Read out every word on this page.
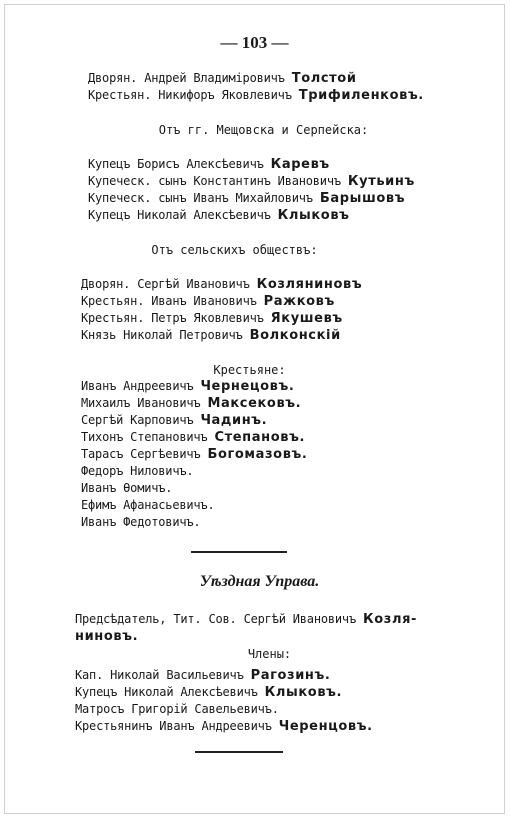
— 103 —
Дворян. Андрей Владиміровичъ Толстой
Крестьян. Никифоръ Яковлевичъ Трифиленковъ.
Отъ гг. Мещовска и Серпейска:
Купецъ Борисъ Алексѣевичъ Каревъ
Купеческ. сынъ Константинъ Ивановичъ Кутьинъ
Купеческ. сынъ Иванъ Михайловичъ Барышовъ
Купецъ Николай Алексѣевичъ Клыковъ
Отъ сельскихъ обществъ:
Дворян. Сергѣй Ивановичъ Козляниновъ
Крестьян. Иванъ Ивановичъ Ражковъ
Крестьян. Петръ Яковлевичъ Якушевъ
Князь Николай Петровичъ Волконскій
Крестьяне:
Иванъ Андреевичъ Чернецовъ.
Михаилъ Ивановичъ Максековъ.
Сергѣй Карповичъ Чадинъ.
Тихонъ Степановичъ Степановъ.
Тарасъ Сергѣевичъ Богомазовъ.
Федоръ Ниловичъ.
Иванъ Ѳомичъ.
Ефимъ Афанасьевичъ.
Иванъ Федотовичъ.
Уѣздная Управа.
Предсѣдатель, Тит. Сов. Сергѣй Ивановичъ Козля-
ниновъ.
Члены:
Кап. Николай Васильевичъ Рагозинъ.
Купецъ Николай Алексѣевичъ Клыковъ.
Матросъ Григорій Савельевичъ.
Крестьянинъ Иванъ Андреевичъ Черенцовъ.
